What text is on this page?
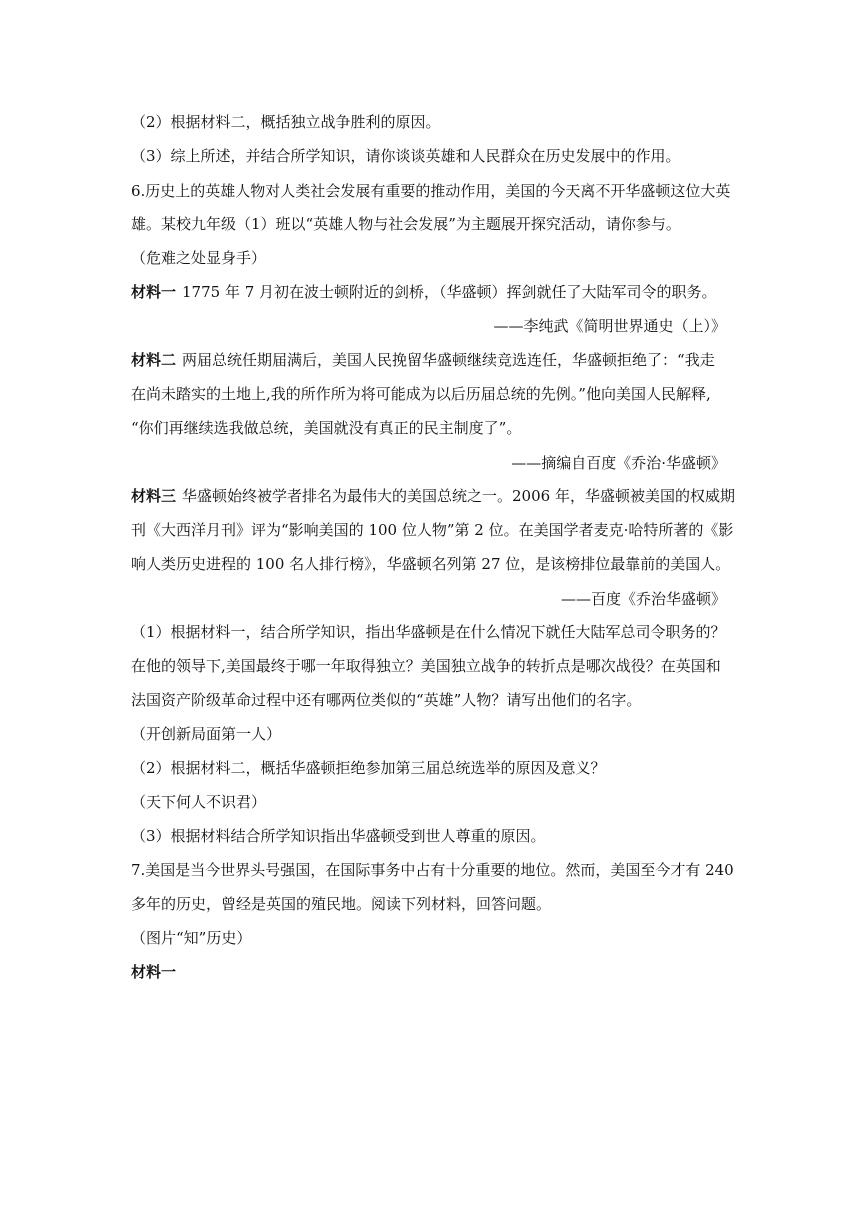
（2）根据材料二，概括独立战争胜利的原因。
（3）综上所述，并结合所学知识，请你谈谈英雄和人民群众在历史发展中的作用。
6.历史上的英雄人物对人类社会发展有重要的推动作用，美国的今天离不开华盛顿这位大英
雄。某校九年级（1）班以“英雄人物与社会发展”为主题展开探究活动，请你参与。
（危难之处显身手）
材料一 1775 年 7 月初在波士顿附近的剑桥，（华盛顿）挥剑就任了大陆军司令的职务。
——李纯武《简明世界通史（上）》
材料二 两届总统任期届满后，美国人民挽留华盛顿继续竞选连任，华盛顿拒绝了：“我走
在尚未踏实的土地上,我的所作所为将可能成为以后历届总统的先例。”他向美国人民解释,
“你们再继续选我做总统，美国就没有真正的民主制度了”。
——摘编自百度《乔治·华盛顿》
材料三 华盛顿始终被学者排名为最伟大的美国总统之一。2006 年，华盛顿被美国的权威期
刊《大西洋月刊》评为“影响美国的 100 位人物”第 2 位。在美国学者麦克·哈特所著的《影
响人类历史进程的 100 名人排行榜》，华盛顿名列第 27 位，是该榜排位最靠前的美国人。
——百度《乔治华盛顿》
（1）根据材料一，结合所学知识，指出华盛顿是在什么情况下就任大陆军总司令职务的？
在他的领导下,美国最终于哪一年取得独立？美国独立战争的转折点是哪次战役？在英国和
法国资产阶级革命过程中还有哪两位类似的“英雄”人物？请写出他们的名字。
（开创新局面第一人）
（2）根据材料二，概括华盛顿拒绝参加第三届总统选举的原因及意义？
（天下何人不识君）
（3）根据材料结合所学知识指出华盛顿受到世人尊重的原因。
7.美国是当今世界头号强国，在国际事务中占有十分重要的地位。然而，美国至今才有 240
多年的历史，曾经是英国的殖民地。阅读下列材料，回答问题。
（图片“知”历史）
材料一
